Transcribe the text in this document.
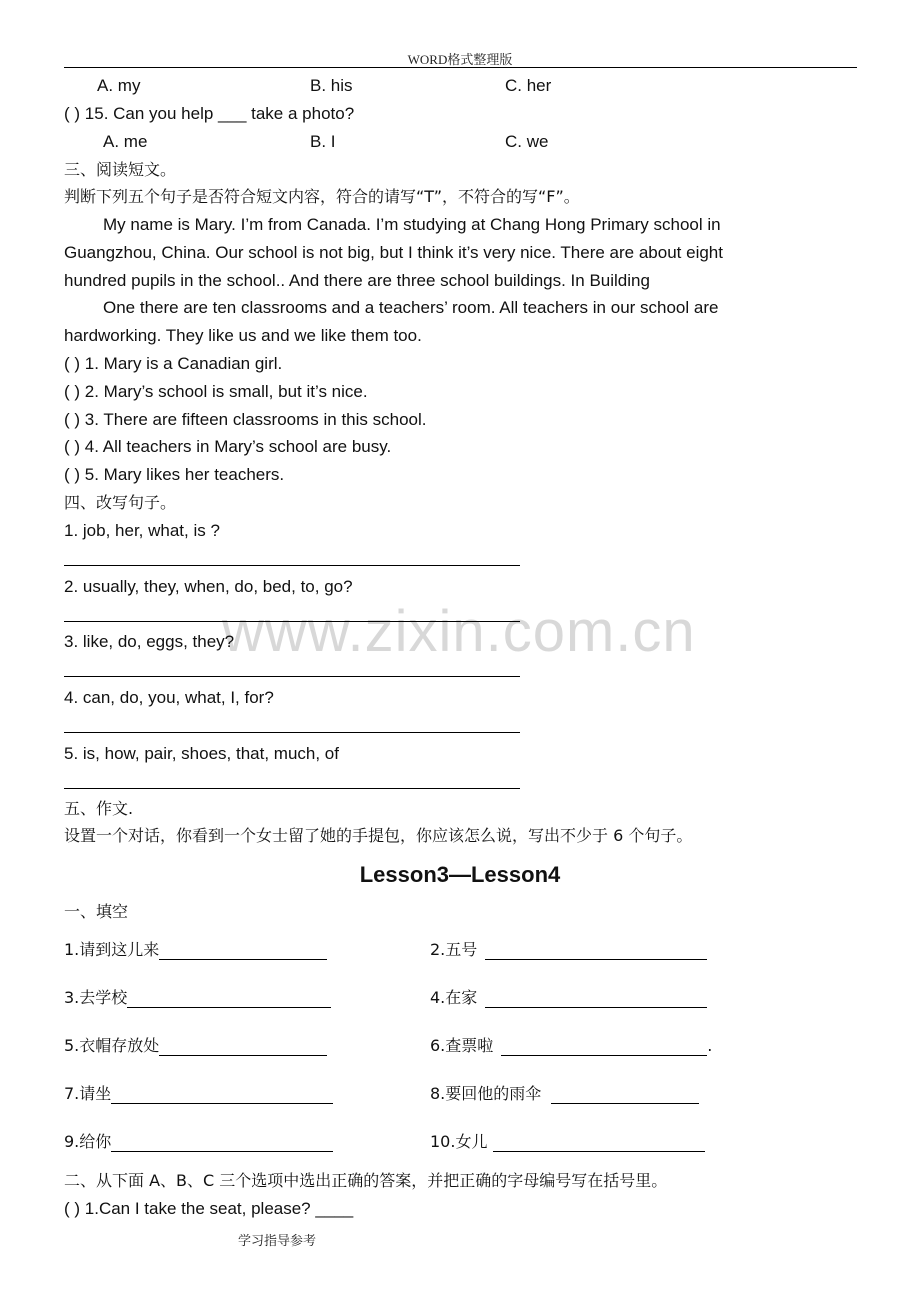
WORD格式整理版
www.zixin.com.cn
A. my	B. his	C. her
( ) 15. Can you help ___ take a photo?
A. me	B. I	C. we
三、阅读短文。
判断下列五个句子是否符合短文内容，符合的请写“T”，不符合的写“F”。
My name is Mary. I’m from Canada. I’m studying at Chang Hong Primary school in
Guangzhou, China. Our school is not big, but I think it’s very nice. There are about eight
hundred pupils in the school.. And there are three school buildings. In Building
One there are ten classrooms and a teachers’ room. All teachers in our school are
hardworking. They like us and we like them too.
( ) 1. Mary is a Canadian girl.
( ) 2. Mary’s school is small, but it’s nice.
( ) 3. There are fifteen classrooms in this school.
( ) 4. All teachers in Mary’s school are busy.
( ) 5. Mary likes her teachers.
四、改写句子。
1. job, her, what, is ?
2. usually, they, when, do, bed, to, go?
3. like, do, eggs, they?
4. can, do, you, what, I, for?
5. is, how, pair, shoes, that, much, of
五、作文.
设置一个对话，你看到一个女士留了她的手提包，你应该怎么说，写出不少于 6 个句子。
Lesson3—Lesson4
一、填空
1.请到这儿来	2.五号
3.去学校	4.在家
5.衣帽存放处	6.查票啦	.
7.请坐	8.要回他的雨伞
9.给你	10.女儿
二、从下面 A、B、C 三个选项中选出正确的答案，并把正确的字母编号写在括号里。
( ) 1.Can I take the seat, please? ____
学习指导参考
